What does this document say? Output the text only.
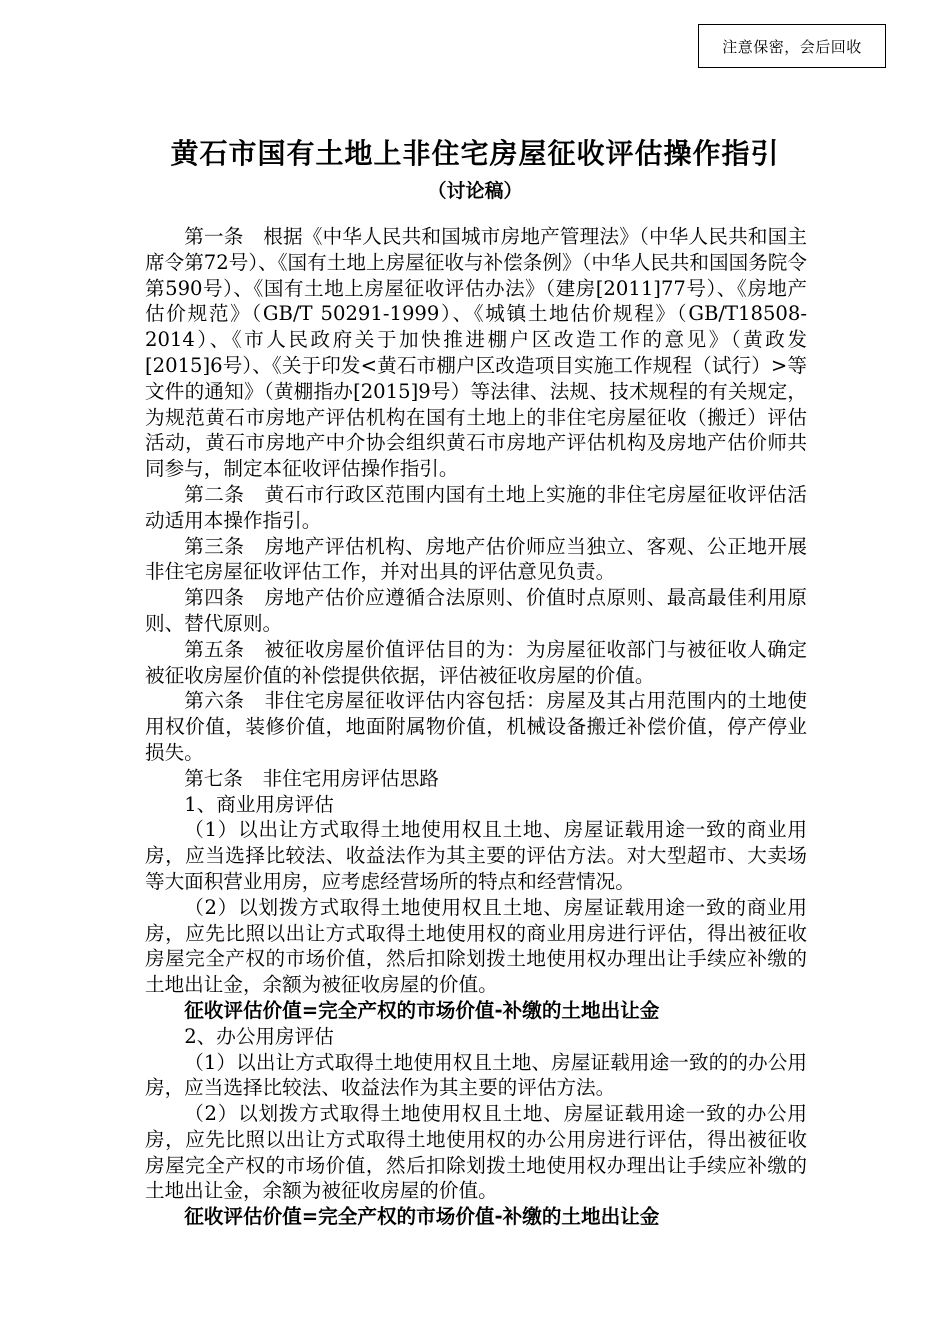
注意保密，会后回收
黄石市国有土地上非住宅房屋征收评估操作指引
（讨论稿）

第一条　根据《中华人民共和国城市房地产管理法》（中华人民共和国主席令第72号）、《国有土地上房屋征收与补偿条例》（中华人民共和国国务院令第590号）、《国有土地上房屋征收评估办法》（建房[2011]77号）、《房地产估价规范》（GB/T 50291-1999）、《城镇土地估价规程》（GB/T18508-2014）、《市人民政府关于加快推进棚户区改造工作的意见》（黄政发[2015]6号）、《关于印发<黄石市棚户区改造项目实施工作规程（试行）>等文件的通知》（黄棚指办[2015]9号）等法律、法规、技术规程的有关规定，为规范黄石市房地产评估机构在国有土地上的非住宅房屋征收（搬迁）评估活动，黄石市房地产中介协会组织黄石市房地产评估机构及房地产估价师共同参与，制定本征收评估操作指引。

第二条　黄石市行政区范围内国有土地上实施的非住宅房屋征收评估活动适用本操作指引。

第三条　房地产评估机构、房地产估价师应当独立、客观、公正地开展非住宅房屋征收评估工作，并对出具的评估意见负责。

第四条　房地产估价应遵循合法原则、价值时点原则、最高最佳利用原则、替代原则。

第五条　被征收房屋价值评估目的为：为房屋征收部门与被征收人确定被征收房屋价值的补偿提供依据，评估被征收房屋的价值。

第六条　非住宅房屋征收评估内容包括：房屋及其占用范围内的土地使用权价值，装修价值，地面附属物价值，机械设备搬迁补偿价值，停产停业损失。

第七条　非住宅用房评估思路

1、商业用房评估

（1）以出让方式取得土地使用权且土地、房屋证载用途一致的商业用房，应当选择比较法、收益法作为其主要的评估方法。对大型超市、大卖场等大面积营业用房，应考虑经营场所的特点和经营情况。

（2）以划拨方式取得土地使用权且土地、房屋证载用途一致的商业用房，应先比照以出让方式取得土地使用权的商业用房进行评估，得出被征收房屋完全产权的市场价值，然后扣除划拨土地使用权办理出让手续应补缴的土地出让金，余额为被征收房屋的价值。

征收评估价值=完全产权的市场价值-补缴的土地出让金

2、办公用房评估

（1）以出让方式取得土地使用权且土地、房屋证载用途一致的的办公用房，应当选择比较法、收益法作为其主要的评估方法。

（2）以划拨方式取得土地使用权且土地、房屋证载用途一致的办公用房，应先比照以出让方式取得土地使用权的办公用房进行评估，得出被征收房屋完全产权的市场价值，然后扣除划拨土地使用权办理出让手续应补缴的土地出让金，余额为被征收房屋的价值。

征收评估价值=完全产权的市场价值-补缴的土地出让金
